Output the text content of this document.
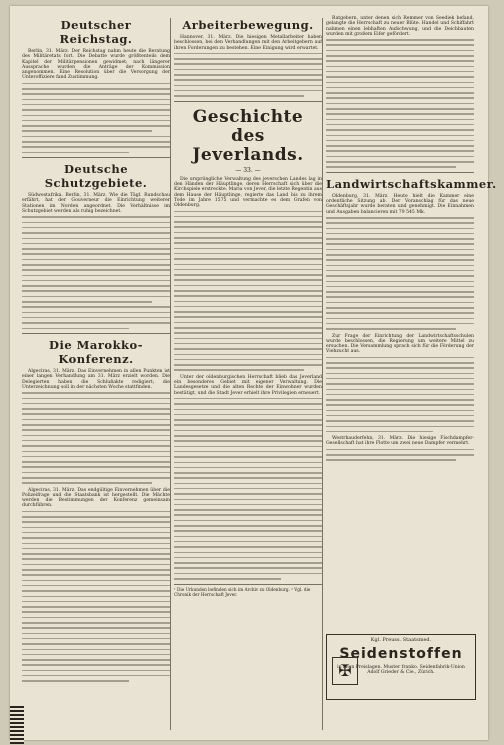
Deutscher Reichstag.

Berlin, 31. März. Der Reichstag nahm heute die Beratung des Militäretats fort. Die Debatte wurde größtenteils dem Kapitel der Militärpensionen gewidmet; nach längerer Aussprache wurden die Anträge der Kommission angenommen. Eine Resolution über die Versorgung der Unteroffiziere fand Zustimmung.

Deutsche Schutzgebiete.

Südwestafrika. Berlin, 31. März. Wie die Tägl. Rundschau erfährt, hat der Gouverneur die Einrichtung weiterer Stationen im Norden angeordnet. Die Verhältnisse im Schutzgebiet werden als ruhig bezeichnet.

Die Marokko-Konferenz.

Algeciras, 31. März. Das Einvernehmen in allen Punkten ist einer langen Verhandlung am 31. März erzielt worden. Die Delegierten haben die Schlußakte redigiert; die Unterzeichnung soll in der nächsten Woche stattfinden.

Algeciras, 31. März. Das endgültige Einvernehmen über die Polizeifrage und die Staatsbank ist hergestellt. Die Mächte werden die Bestimmungen der Konferenz gemeinsam durchführen.

Arbeiterbewegung.

Hannover, 31. März. Die hiesigen Metallarbeiter haben beschlossen, bei den Verhandlungen mit den Arbeitgebern auf ihren Forderungen zu bestehen. Eine Einigung wird erwartet.

Geschichte des Jeverlands.
— 33. —

Die ursprüngliche Verwaltung des jeverschen Landes lag in den Händen der Häuptlinge, deren Herrschaft sich über die Kirchspiele erstreckte. Maria von Jever, die letzte Regentin aus dem Hause der Häuptlinge, regierte das Land bis zu ihrem Tode im Jahre 1575 und vermachte es dem Grafen von Oldenburg.

Unter der oldenburgischen Herrschaft blieb das Jeverland ein besonderes Gebiet mit eigener Verwaltung. Die Landesgesetze und die alten Rechte der Einwohner wurden bestätigt, und die Stadt Jever erhielt ihre Privilegien erneuert.

¹ Die Urkunden befinden sich im Archiv zu Oldenburg. ² Vgl. die Chronik der Herrschaft Jever.

Ratgebern, unter denen sich Remmer von Seediek befand, gelangte die Herrschaft zu neuer Blüte. Handel und Schiffahrt nahmen einen lebhaften Aufschwung, und die Deichbauten wurden mit großem Eifer gefördert.

Landwirtschaftskammer.

Oldenburg, 31. März. Heute hielt die Kammer eine ordentliche Sitzung ab. Der Voranschlag für das neue Geschäftsjahr wurde beraten und genehmigt. Die Einnahmen und Ausgaben balancieren mit 79 545 Mk.

Zur Frage der Einrichtung der Landwirtschaftsschulen wurde beschlossen, die Regierung um weitere Mittel zu ersuchen. Die Versammlung sprach sich für die Förderung der Viehzucht aus.

Westrhauderfehn, 31. März. Die hiesige Fischdampfer-Gesellschaft hat ihre Flotte um zwei neue Dampfer vermehrt.

Kgl. Preuss. Staatsmed.
✠
Seidenstoffen
in allen Preislagen. Muster franko. Seidenfabrik-Union Adolf Grieder & Cie., Zürich.
